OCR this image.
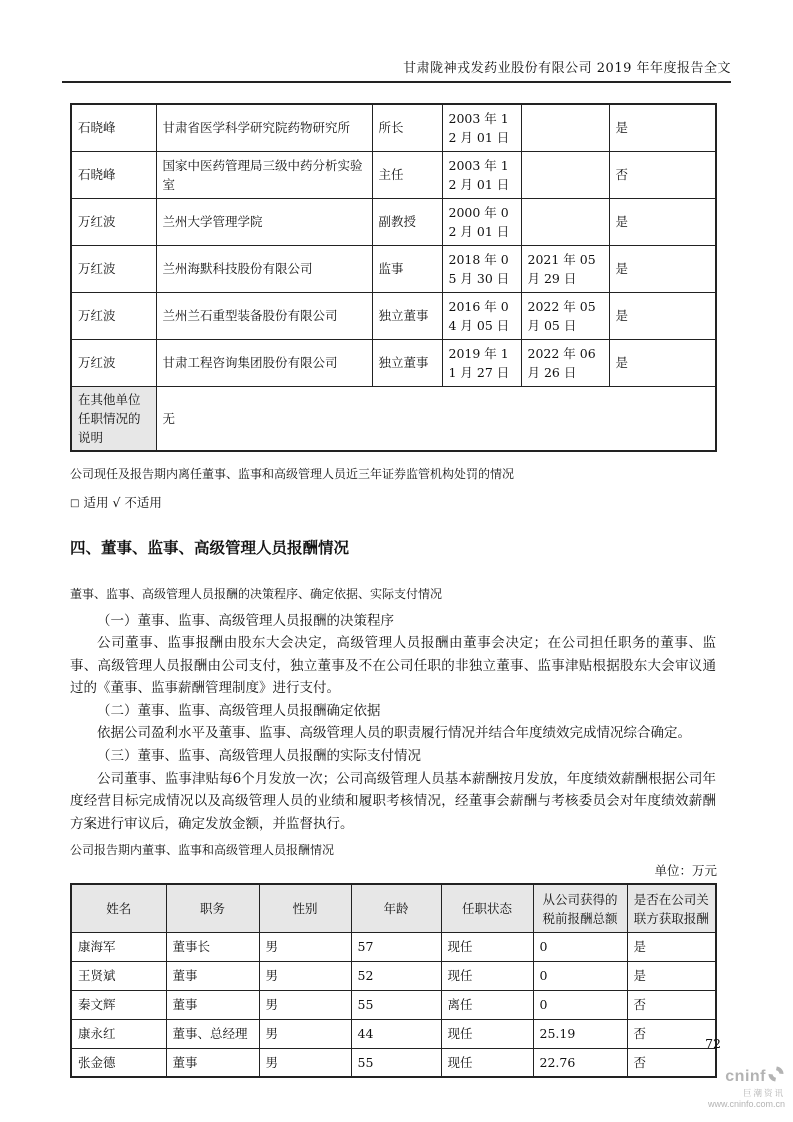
甘肃陇神戎发药业股份有限公司 2019 年年度报告全文
石晓峰	甘肃省医学科学研究院药物研究所	所长	2003 年 12 月 01 日		是
石晓峰	国家中医药管理局三级中药分析实验室	主任	2003 年 12 月 01 日		否
万红波	兰州大学管理学院	副教授	2000 年 02 月 01 日		是
万红波	兰州海默科技股份有限公司	监事	2018 年 05 月 30 日	2021 年 05 月 29 日	是
万红波	兰州兰石重型装备股份有限公司	独立董事	2016 年 04 月 05 日	2022 年 05 月 05 日	是
万红波	甘肃工程咨询集团股份有限公司	独立董事	2019 年 11 月 27 日	2022 年 06 月 26 日	是
在其他单位任职情况的说明	无				
公司现任及报告期内离任董事、监事和高级管理人员近三年证券监管机构处罚的情况
□ 适用 √ 不适用
四、董事、监事、高级管理人员报酬情况
董事、监事、高级管理人员报酬的决策程序、确定依据、实际支付情况

（一）董事、监事、高级管理人员报酬的决策程序

公司董事、监事报酬由股东大会决定，高级管理人员报酬由董事会决定；在公司担任职务的董事、监事、高级管理人员报酬由公司支付，独立董事及不在公司任职的非独立董事、监事津贴根据股东大会审议通过的《董事、监事薪酬管理制度》进行支付。

（二）董事、监事、高级管理人员报酬确定依据

依据公司盈利水平及董事、监事、高级管理人员的职责履行情况并结合年度绩效完成情况综合确定。

（三）董事、监事、高级管理人员报酬的实际支付情况

公司董事、监事津贴每6个月发放一次；公司高级管理人员基本薪酬按月发放，年度绩效薪酬根据公司年度经营目标完成情况以及高级管理人员的业绩和履职考核情况，经董事会薪酬与考核委员会对年度绩效薪酬方案进行审议后，确定发放金额，并监督执行。

公司报告期内董事、监事和高级管理人员报酬情况
单位：万元
姓名	职务	性别	年龄	任职状态	从公司获得的税前报酬总额	是否在公司关联方获取报酬
康海军	董事长	男	57	现任	0	是
王贤斌	董事	男	52	现任	0	是
秦文辉	董事	男	55	离任	0	否
康永红	董事、总经理	男	44	现任	25.19	否
张金德	董事	男	55	现任	22.76	否
72
cninf
巨潮资讯
www.cninfo.com.cn
